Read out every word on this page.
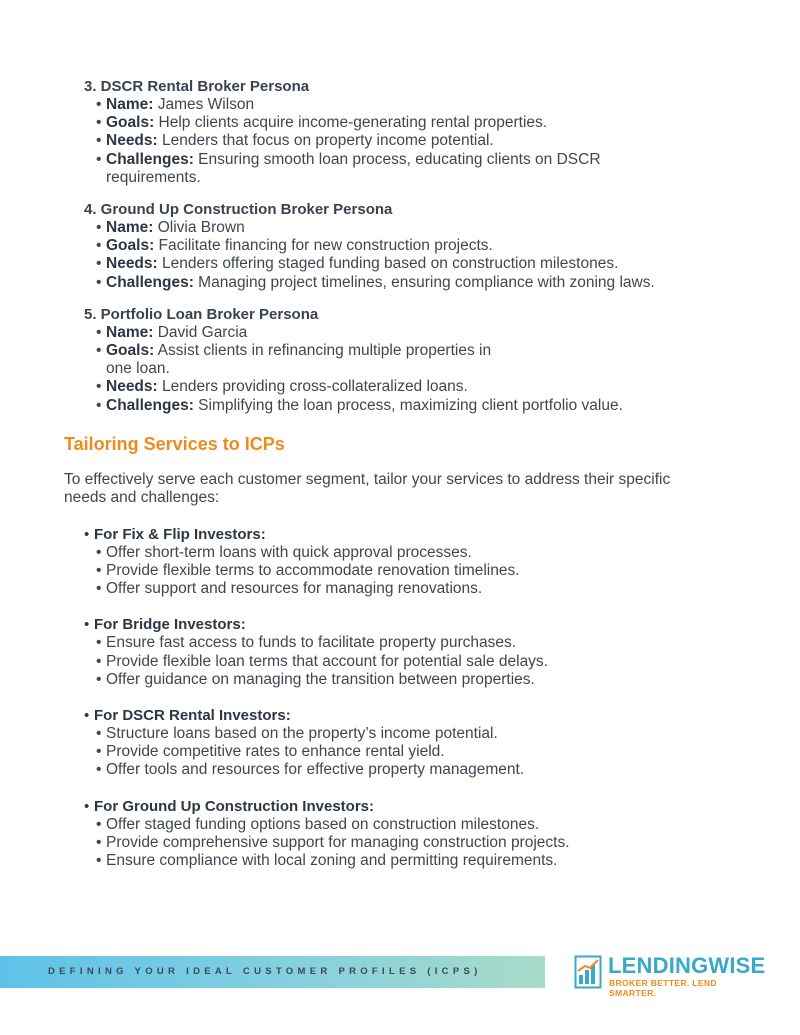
3. DSCR Rental Broker Persona
• Name: James Wilson
• Goals: Help clients acquire income-generating rental properties.
• Needs: Lenders that focus on property income potential.
• Challenges: Ensuring smooth loan process, educating clients on DSCR requirements.
4. Ground Up Construction Broker Persona
• Name: Olivia Brown
• Goals: Facilitate financing for new construction projects.
• Needs: Lenders offering staged funding based on construction milestones.
• Challenges: Managing project timelines, ensuring compliance with zoning laws.
5. Portfolio Loan Broker Persona
• Name: David Garcia
• Goals: Assist clients in refinancing multiple properties in one loan.
• Needs: Lenders providing cross-collateralized loans.
• Challenges: Simplifying the loan process, maximizing client portfolio value.
Tailoring Services to ICPs
To effectively serve each customer segment, tailor your services to address their specific needs and challenges:
• For Fix & Flip Investors:
• Offer short-term loans with quick approval processes.
• Provide flexible terms to accommodate renovation timelines.
• Offer support and resources for managing renovations.
• For Bridge Investors:
• Ensure fast access to funds to facilitate property purchases.
• Provide flexible loan terms that account for potential sale delays.
• Offer guidance on managing the transition between properties.
• For DSCR Rental Investors:
• Structure loans based on the property’s income potential.
• Provide competitive rates to enhance rental yield.
• Offer tools and resources for effective property management.
• For Ground Up Construction Investors:
• Offer staged funding options based on construction milestones.
• Provide comprehensive support for managing construction projects.
• Ensure compliance with local zoning and permitting requirements.
DEFINING YOUR IDEAL CUSTOMER PROFILES (ICPS)	LENDINGWISE
BROKER BETTER. LEND SMARTER.
